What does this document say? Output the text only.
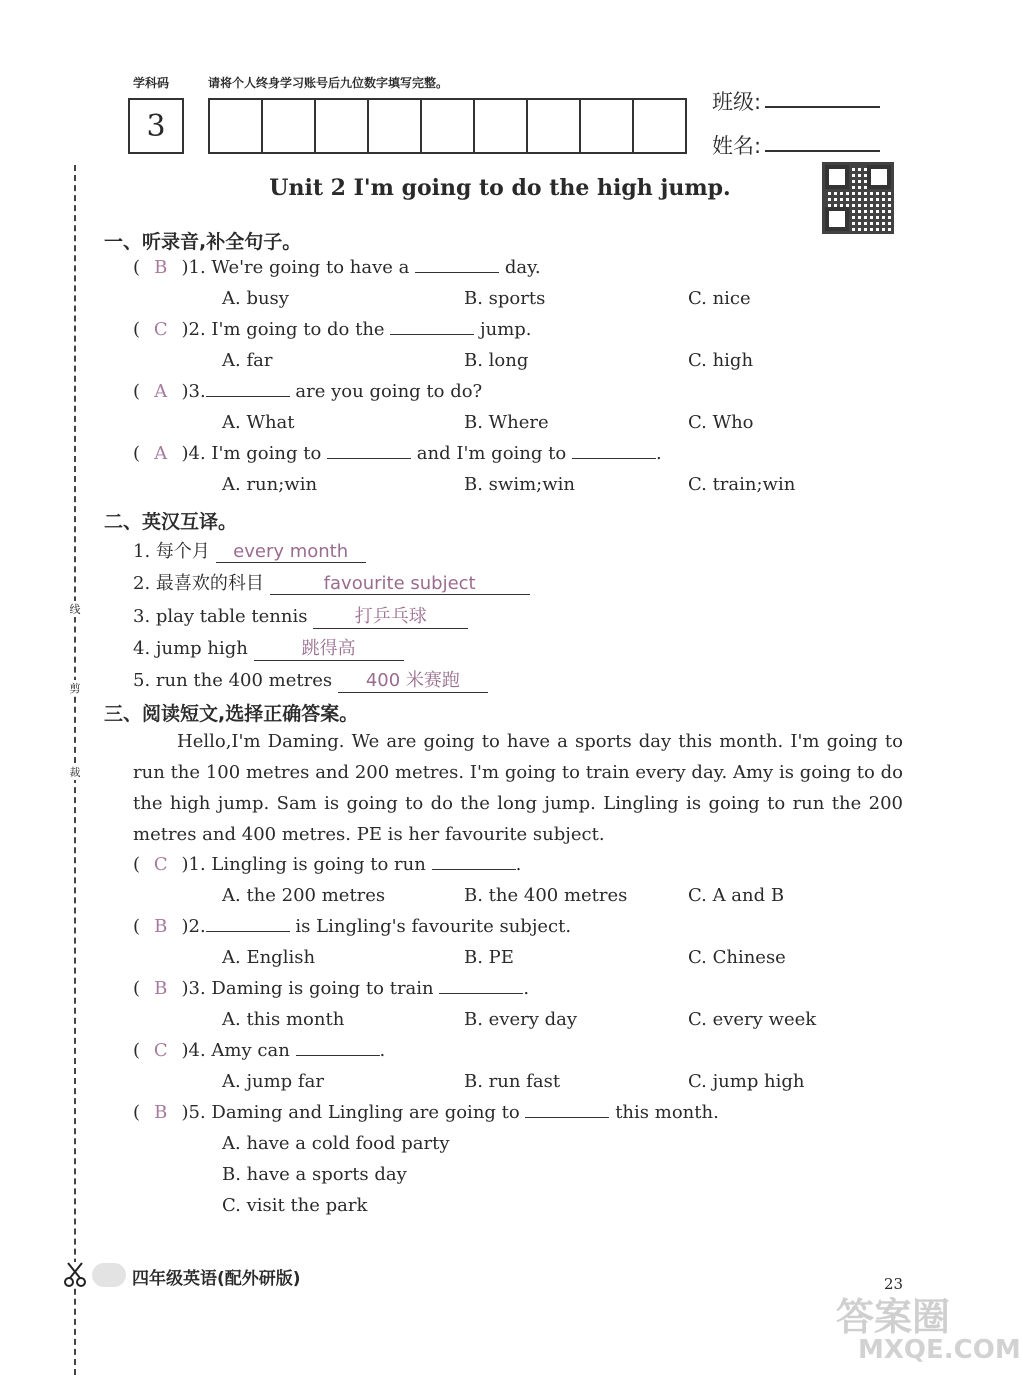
学科码	请将个人终身学习账号后九位数字填写完整。
3
班级:
姓名:
Unit 2 I'm going to do the high jump.
一、听录音,补全句子。
( B )1. We're going to have a	day.
A. busy	B. sports	C. nice
( C )2. I'm going to do the	jump.
A. far	B. long	C. high
( A )3.	are you going to do?
A. What	B. Where	C. Who
( A )4. I'm going to	and I'm going to	.
A. run;win	B. swim;win	C. train;win
二、英汉互译。
1. 每个月 every month
2. 最喜欢的科目	favourite subject
3. play table tennis	打乒乓球
4. jump high	跳得高
5. run the 400 metres 400 米赛跑
三、阅读短文,选择正确答案。
Hello,I'm Daming. We are going to have a sports day this month. I'm going to run the 100 metres and 200 metres. I'm going to train every day. Amy is going to do the high jump. Sam is going to do the long jump. Lingling is going to run the 200 metres and 400 metres. PE is her favourite subject.
( C )1. Lingling is going to run	.
A. the 200 metres	B. the 400 metres	C. A and B
( B )2.	is Lingling's favourite subject.
A. English	B. PE	C. Chinese
( B )3. Daming is going to train	.
A. this month	B. every day	C. every week
( C )4. Amy can	.
A. jump far	B. run fast	C. jump high
( B )5. Daming and Lingling are going to	this month.
A. have a cold food party
B. have a sports day
C. visit the park
线
剪
裁
四年级英语(配外研版)	23
答案圈
MXQE.COM
